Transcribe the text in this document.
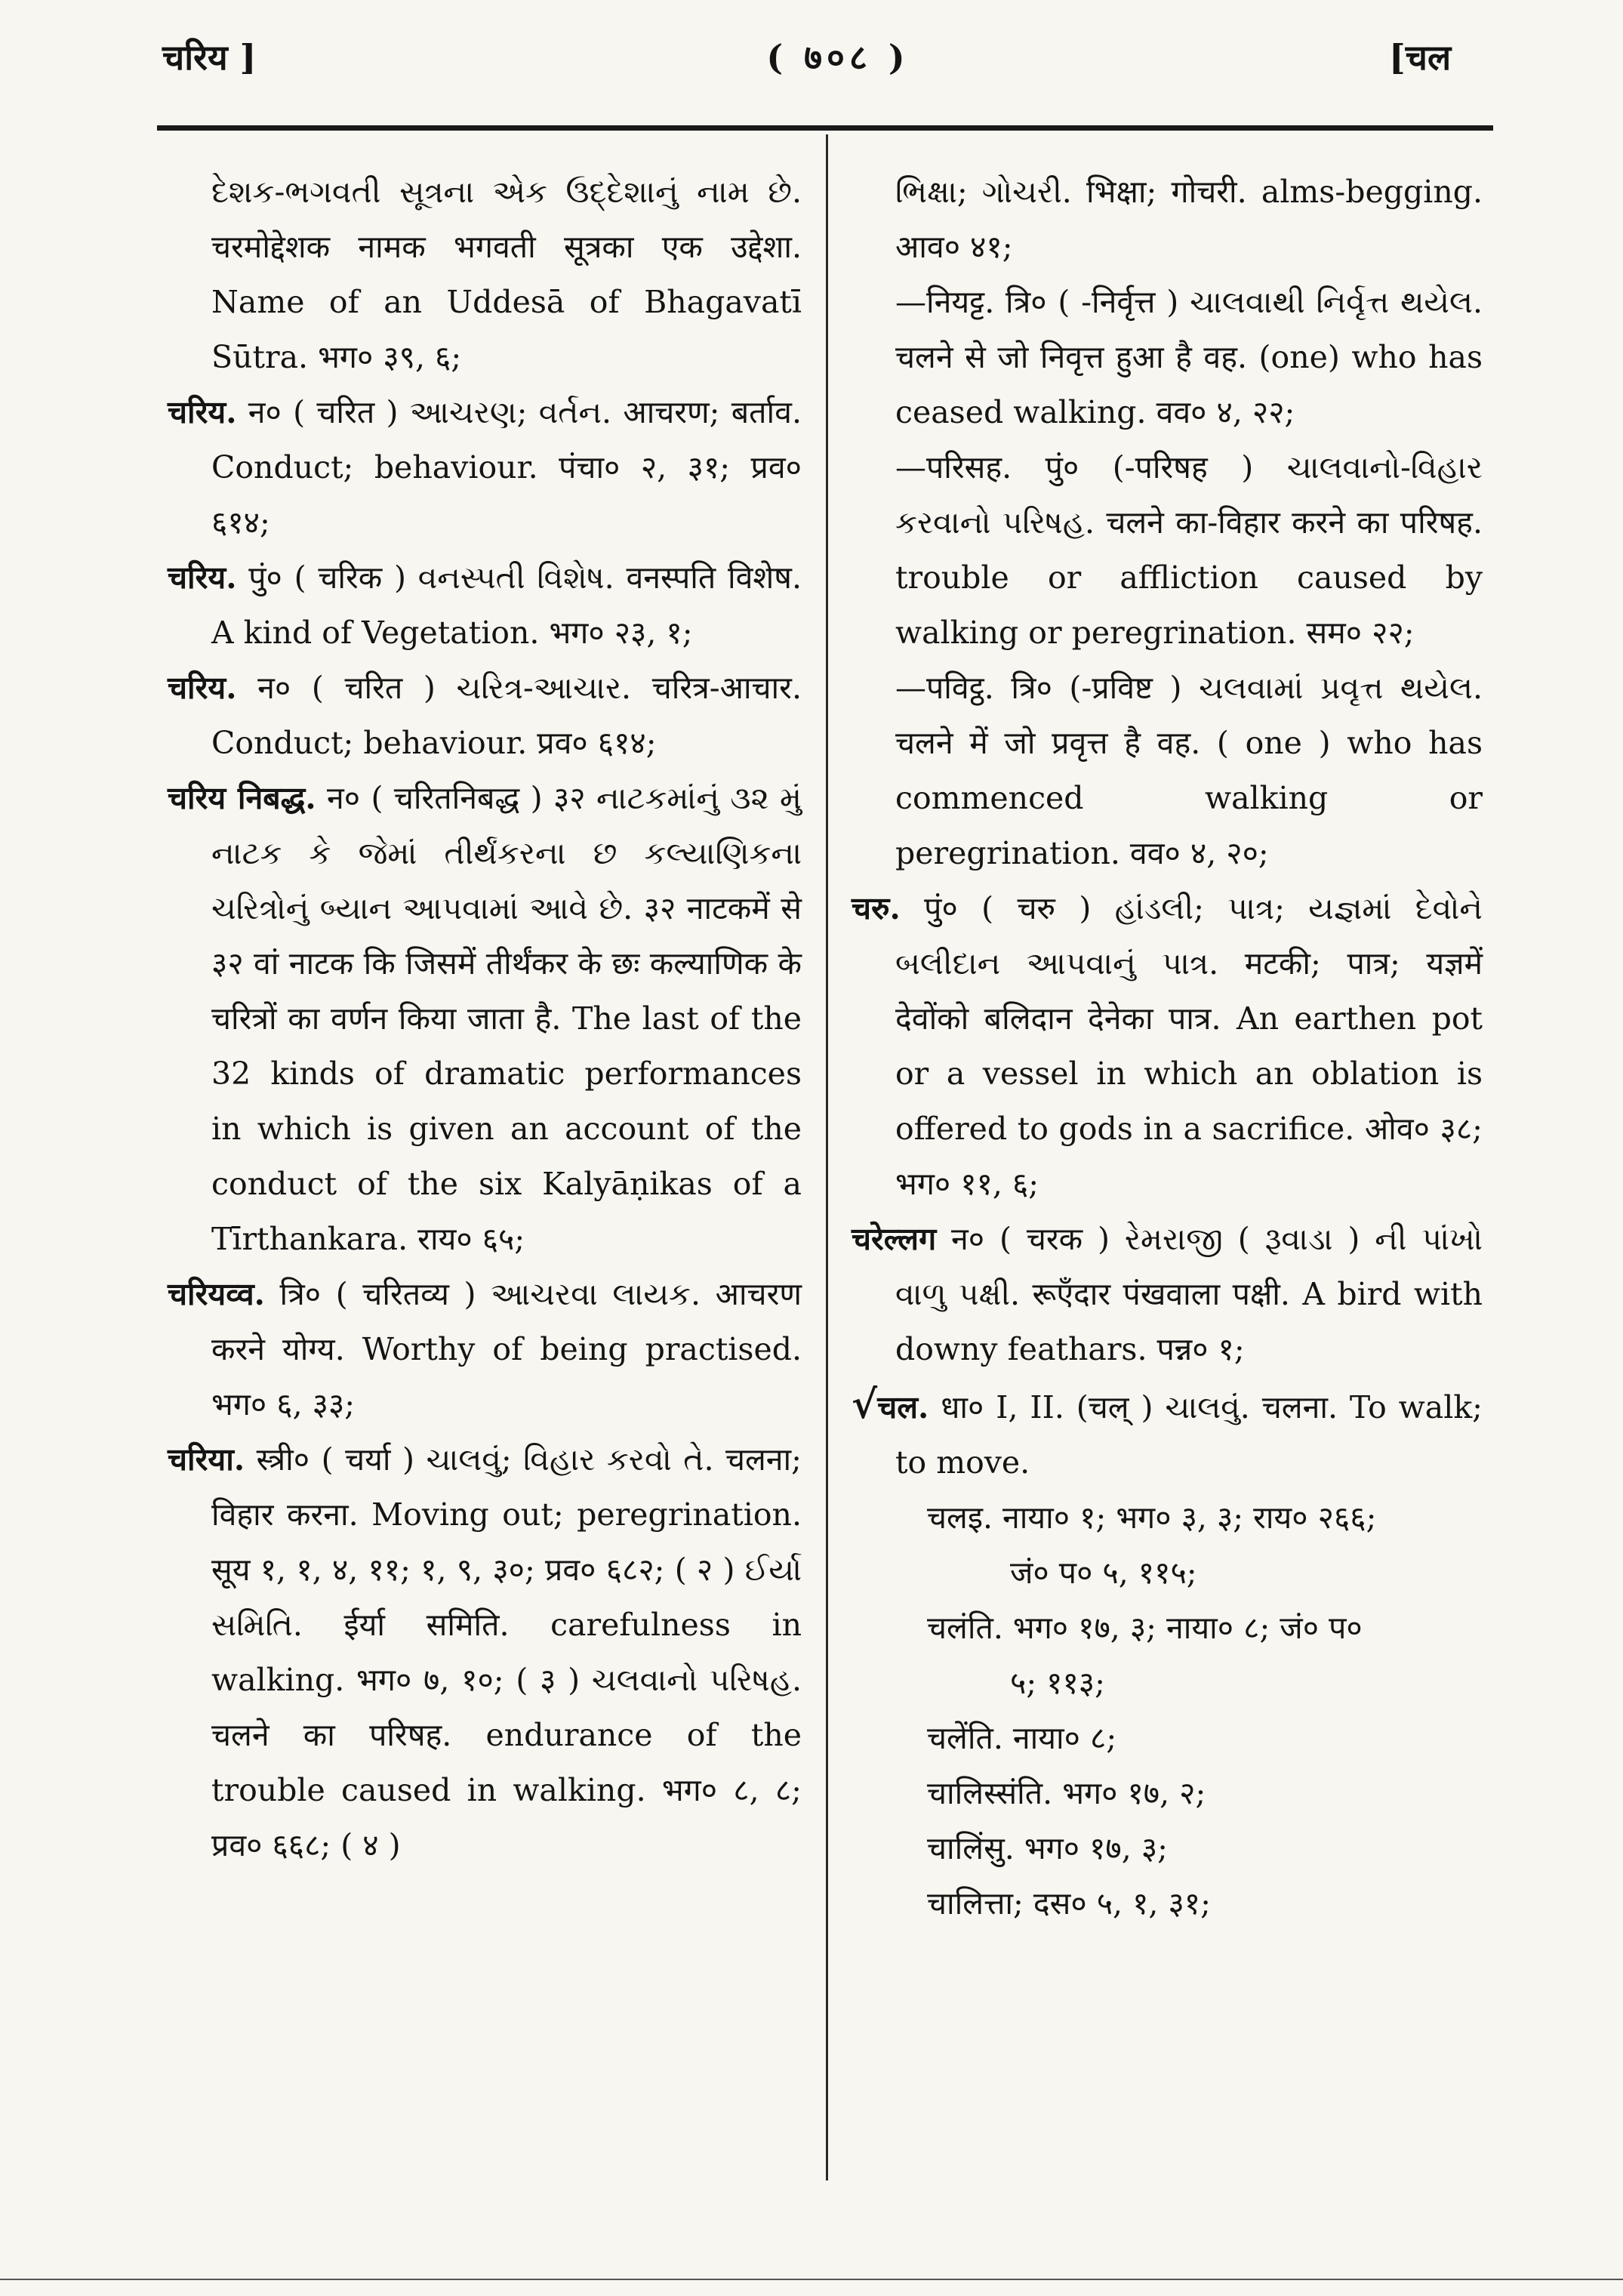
चरिय ]	( ७०८ )	[चल

દેશક-ભગવતી સૂત્રના એક ઉદ્દેશાનું નામ છે. चरमोद्देशक नामक भगवती सूत्रका एक उद्देशा. Name of an Uddesā of Bhagavatī Sūtra. भग० ३९, ६;

चरिय. न० ( चरित ) આચરણ; વર્તન. आचरण; बर्ताव. Conduct; behaviour. पंचा० २, ३१; प्रव० ६१४;

चरिय. पुं० ( चरिक ) વનસ્પતી વિશેષ. वनस्पति विशेष. A kind of Vegetation. भग० २३, १;

चरिय. न० ( चरित ) ચરિત્ર-આચાર. चरित्र-आचार. Conduct; behaviour. प्रव० ६१४;

चरिय निबद्ध. न० ( चरितनिबद्ध ) ३२ નાટકમાંનું ૩૨ મું નાટક કે જેમાં તીર્થંકરના છ કલ્યાણિકના ચરિત્રોનું બ્યાન આપવામાં આવે છે. ३२ नाटकमें से ३२ वां नाटक कि जिसमें तीर्थंकर के छः कल्याणिक के चरित्रों का वर्णन किया जाता है. The last of the 32 kinds of dramatic performances in which is given an account of the conduct of the six Kalyāṇikas of a Tīrthankara. राय० ६५;

चरियव्व. त्रि० ( चरितव्य ) આચરવા લાયક. आचरण करने योग्य. Worthy of being practised. भग० ६, ३३;

चरिया. स्त्री० ( चर्या ) ચાલવું; વિહાર કરવો તે. चलना; विहार करना. Moving out; peregrination. सूय १, १, ४, ११; १, ९, ३०; प्रव० ६८२; ( २ ) ઈર્યા સમિતિ. ईर्या समिति. carefulness in walking. भग० ७, १०; ( ३ ) ચલવાનો પરિષહ. चलने का परिषह. endurance of the trouble caused in walking. भग० ८, ८; प्रव० ६६८; ( ४ )

ભિક્ષા; ગોચરી. भिक्षा; गोचरी. alms-begging. आव० ४१;

—नियट्ट. त्रि० ( -निर्वृत्त ) ચાલવાથી નિર્વૃત્ત થયેલ. चलने से जो निवृत्त हुआ है वह. (one) who has ceased walking. वव० ४, २२;

—परिसह. पुं० (-परिषह ) ચાલવાનો-વિહાર કરવાનો પરિષહ. चलने का-विहार करने का परिषह. trouble or affliction caused by walking or peregrination. सम० २२;

—पविट्ठ. त्रि० (-प्रविष्ट ) ચલવામાં પ્રવૃત્ત થયેલ. चलने में जो प्रवृत्त है वह. ( one ) who has commenced walking or peregrination. वव० ४, २०;

चरु. पुं० ( चरु ) હાંડલી; પાત્ર; યજ્ઞમાં દેવોને બલીદાન આપવાનું પાત્ર. मटकी; पात्र; यज्ञमें देवोंको बलिदान देनेका पात्र. An earthen pot or a vessel in which an oblation is offered to gods in a sacrifice. ओव० ३८; भग० ११, ६;

चरेल्लग न० ( चरक ) રેમરાજી ( રૂવાડા ) ની પાંખો વાળુ પક્ષી. रूएँदार पंखवाला पक्षी. A bird with downy feathars. पन्न० १;

√चल. धा० I, II. (चल् ) ચાલવું. चलना. To walk; to move.

चलइ. नाया० १; भग० ३, ३; राय० २६६;

जं० प० ५, ११५;

चलंति. भग० १७, ३; नाया० ८; जं० प०

५; ११३;

चलेंति. नाया० ८;

चालिस्संति. भग० १७, २;

चालिंसु. भग० १७, ३;

चालित्ता; दस० ५, १, ३१;
